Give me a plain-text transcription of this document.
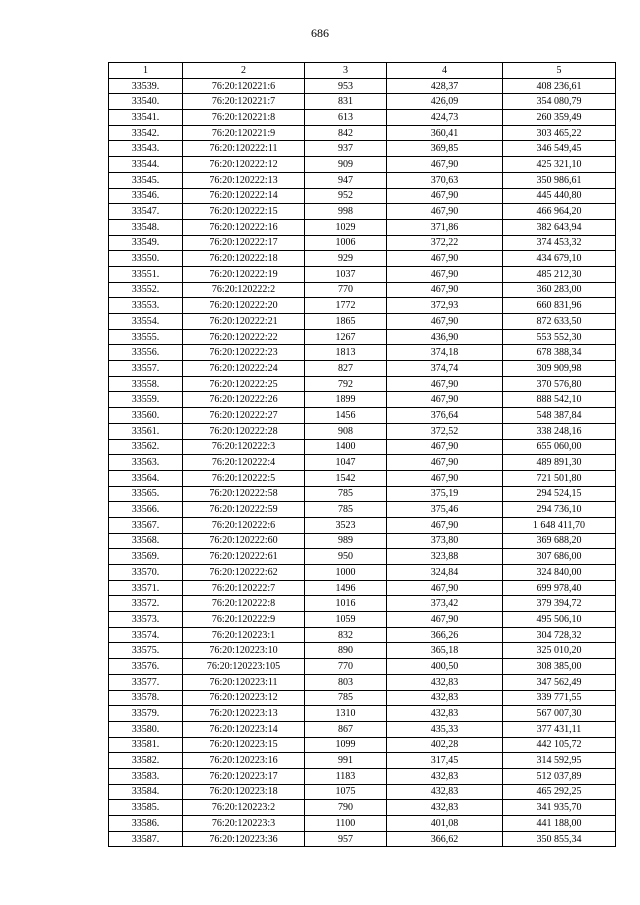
686
1	2	3	4	5
33539.	76:20:120221:6	953	428,37	408 236,61
33540.	76:20:120221:7	831	426,09	354 080,79
33541.	76:20:120221:8	613	424,73	260 359,49
33542.	76:20:120221:9	842	360,41	303 465,22
33543.	76:20:120222:11	937	369,85	346 549,45
33544.	76:20:120222:12	909	467,90	425 321,10
33545.	76:20:120222:13	947	370,63	350 986,61
33546.	76:20:120222:14	952	467,90	445 440,80
33547.	76:20:120222:15	998	467,90	466 964,20
33548.	76:20:120222:16	1029	371,86	382 643,94
33549.	76:20:120222:17	1006	372,22	374 453,32
33550.	76:20:120222:18	929	467,90	434 679,10
33551.	76:20:120222:19	1037	467,90	485 212,30
33552.	76:20:120222:2	770	467,90	360 283,00
33553.	76:20:120222:20	1772	372,93	660 831,96
33554.	76:20:120222:21	1865	467,90	872 633,50
33555.	76:20:120222:22	1267	436,90	553 552,30
33556.	76:20:120222:23	1813	374,18	678 388,34
33557.	76:20:120222:24	827	374,74	309 909,98
33558.	76:20:120222:25	792	467,90	370 576,80
33559.	76:20:120222:26	1899	467,90	888 542,10
33560.	76:20:120222:27	1456	376,64	548 387,84
33561.	76:20:120222:28	908	372,52	338 248,16
33562.	76:20:120222:3	1400	467,90	655 060,00
33563.	76:20:120222:4	1047	467,90	489 891,30
33564.	76:20:120222:5	1542	467,90	721 501,80
33565.	76:20:120222:58	785	375,19	294 524,15
33566.	76:20:120222:59	785	375,46	294 736,10
33567.	76:20:120222:6	3523	467,90	1 648 411,70
33568.	76:20:120222:60	989	373,80	369 688,20
33569.	76:20:120222:61	950	323,88	307 686,00
33570.	76:20:120222:62	1000	324,84	324 840,00
33571.	76:20:120222:7	1496	467,90	699 978,40
33572.	76:20:120222:8	1016	373,42	379 394,72
33573.	76:20:120222:9	1059	467,90	495 506,10
33574.	76:20:120223:1	832	366,26	304 728,32
33575.	76:20:120223:10	890	365,18	325 010,20
33576.	76:20:120223:105	770	400,50	308 385,00
33577.	76:20:120223:11	803	432,83	347 562,49
33578.	76:20:120223:12	785	432,83	339 771,55
33579.	76:20:120223:13	1310	432,83	567 007,30
33580.	76:20:120223:14	867	435,33	377 431,11
33581.	76:20:120223:15	1099	402,28	442 105,72
33582.	76:20:120223:16	991	317,45	314 592,95
33583.	76:20:120223:17	1183	432,83	512 037,89
33584.	76:20:120223:18	1075	432,83	465 292,25
33585.	76:20:120223:2	790	432,83	341 935,70
33586.	76:20:120223:3	1100	401,08	441 188,00
33587.	76:20:120223:36	957	366,62	350 855,34
